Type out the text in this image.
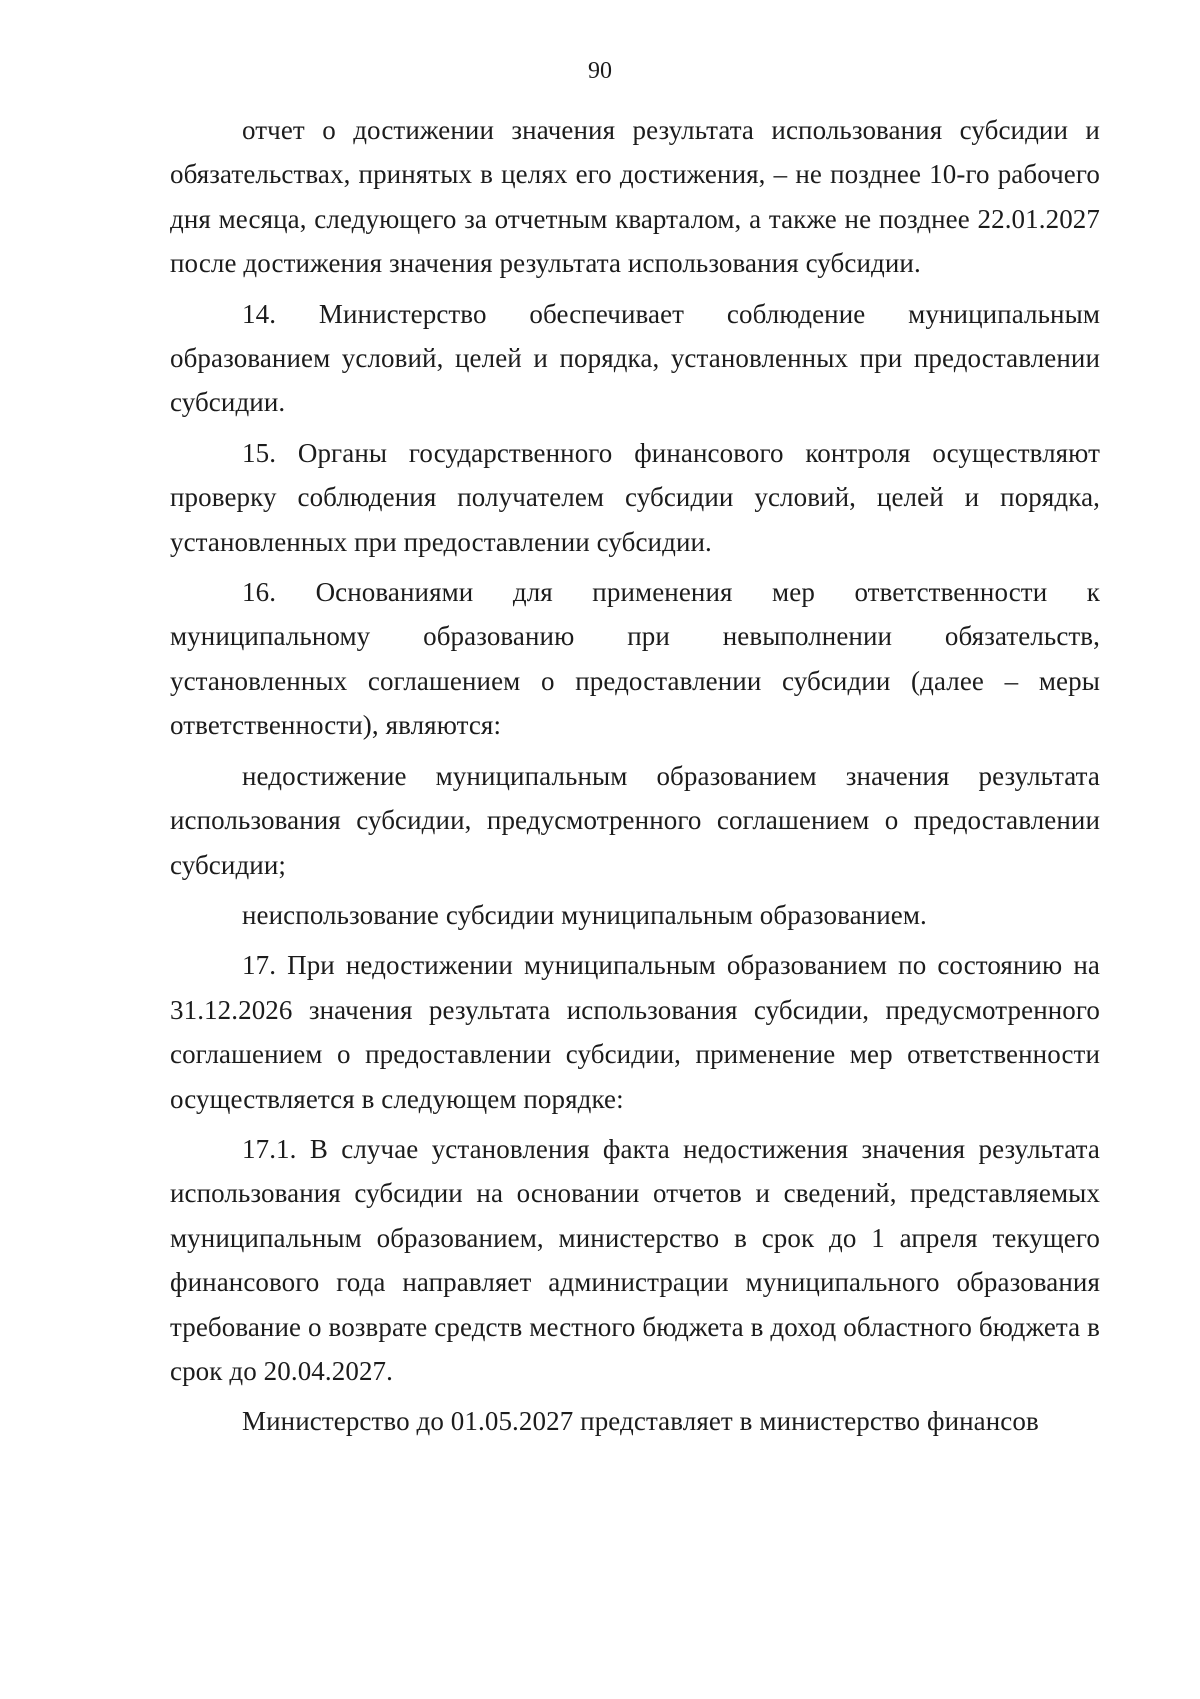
90

отчет о достижении значения результата использования субсидии и обязательствах, принятых в целях его достижения, – не позднее 10-го рабочего дня месяца, следующего за отчетным кварталом, а также не позднее 22.01.2027 после достижения значения результата использования субсидии.

14. Министерство обеспечивает соблюдение муниципальным образованием условий, целей и порядка, установленных при предоставлении субсидии.

15. Органы государственного финансового контроля осуществляют проверку соблюдения получателем субсидии условий, целей и порядка, установленных при предоставлении субсидии.

16. Основаниями для применения мер ответственности к муниципальному образованию при невыполнении обязательств, установленных соглашением о предоставлении субсидии (далее – меры ответственности), являются:

недостижение муниципальным образованием значения результата использования субсидии, предусмотренного соглашением о предоставлении субсидии;

неиспользование субсидии муниципальным образованием.

17. При недостижении муниципальным образованием по состоянию на 31.12.2026 значения результата использования субсидии, предусмотренного соглашением о предоставлении субсидии, применение мер ответственности осуществляется в следующем порядке:

17.1. В случае установления факта недостижения значения результата использования субсидии на основании отчетов и сведений, представляемых муниципальным образованием, министерство в срок до 1 апреля текущего финансового года направляет администрации муниципального образования требование о возврате средств местного бюджета в доход областного бюджета в срок до 20.04.2027.

Министерство до 01.05.2027 представляет в министерство финансов
